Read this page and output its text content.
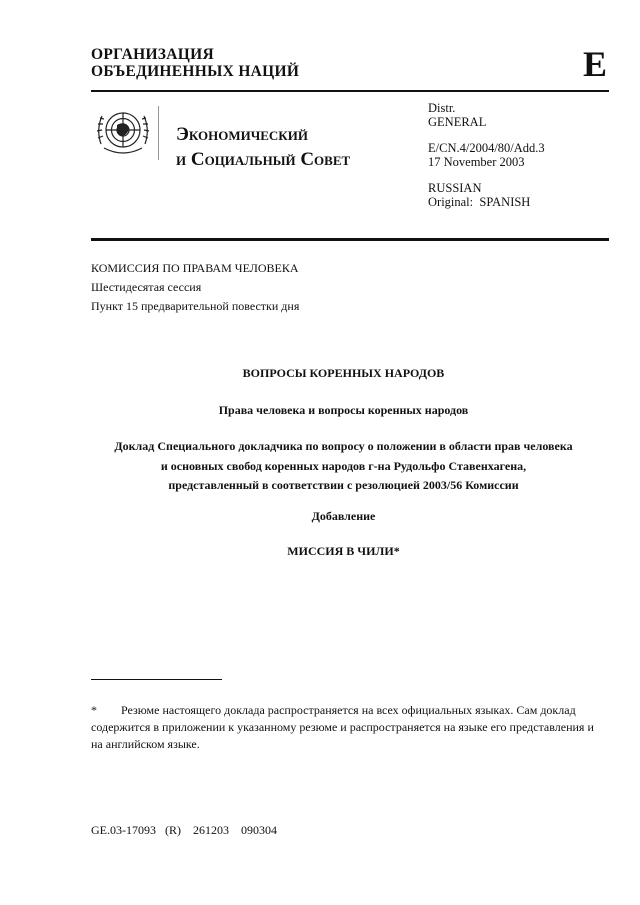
ОРГАНИЗАЦИЯ
ОБЪЕДИНЕННЫХ НАЦИЙ	E
Экономический
и Социальный Совет
Distr.
GENERAL
E/CN.4/2004/80/Add.3
17 November 2003
RUSSIAN
Original:  SPANISH
КОМИССИЯ ПО ПРАВАМ ЧЕЛОВЕКА
Шестидесятая сессия
Пункт 15 предварительной повестки дня
ВОПРОСЫ КОРЕННЫХ НАРОДОВ
Права человека и вопросы коренных народов
Доклад Специального докладчика по вопросу о положении в области прав человека
и основных свобод коренных народов г-на Рудольфо Ставенхагена,
представленный в соответствии с резолюцией 2003/56 Комиссии
Добавление
МИССИЯ В ЧИЛИ*
* Резюме настоящего доклада распространяется на всех официальных языках. Сам доклад содержится в приложении к указанному резюме и распространяется на языке его представления и на английском языке.
GE.03-17093   (R)    261203    090304
